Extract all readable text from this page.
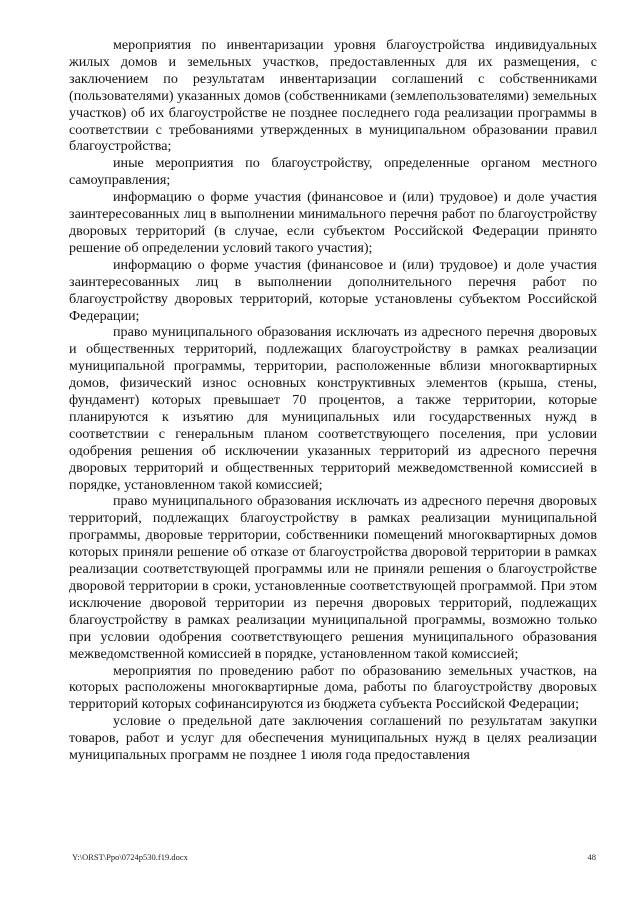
мероприятия по инвентаризации уровня благоустройства индивидуальных жилых домов и земельных участков, предоставленных для их размещения, с заключением по результатам инвентаризации соглашений с собственниками (пользователями) указанных домов (собственниками (землепользователями) земельных участков) об их благоустройстве не позднее последнего года реализации программы в соответствии с требованиями утвержденных в муниципальном образовании правил благоустройства;

иные мероприятия по благоустройству, определенные органом местного самоуправления;

информацию о форме участия (финансовое и (или) трудовое) и доле участия заинтересованных лиц в выполнении минимального перечня работ по благоустройству дворовых территорий (в случае, если субъектом Российской Федерации принято решение об определении условий такого участия);

информацию о форме участия (финансовое и (или) трудовое) и доле участия заинтересованных лиц в выполнении дополнительного перечня работ по благоустройству дворовых территорий, которые установлены субъектом Российской Федерации;

право муниципального образования исключать из адресного перечня дворовых и общественных территорий, подлежащих благоустройству в рамках реализации муниципальной программы, территории, расположенные вблизи многоквартирных домов, физический износ основных конструктивных элементов (крыша, стены, фундамент) которых превышает 70 процентов, а также территории, которые планируются к изъятию для муниципальных или государственных нужд в соответствии с генеральным планом соответствующего поселения, при условии одобрения решения об исключении указанных территорий из адресного перечня дворовых территорий и общественных территорий межведомственной комиссией в порядке, установленном такой комиссией;

право муниципального образования исключать из адресного перечня дворовых территорий, подлежащих благоустройству в рамках реализации муниципальной программы, дворовые территории, собственники помещений многоквартирных домов которых приняли решение об отказе от благоустройства дворовой территории в рамках реализации соответствующей программы или не приняли решения о благоустройстве дворовой территории в сроки, установленные соответствующей программой. При этом исключение дворовой территории из перечня дворовых территорий, подлежащих благоустройству в рамках реализации муниципальной программы, возможно только при условии одобрения соответствующего решения муниципального образования межведомственной комиссией в порядке, установленном такой комиссией;

мероприятия по проведению работ по образованию земельных участков, на которых расположены многоквартирные дома, работы по благоустройству дворовых территорий которых софинансируются из бюджета субъекта Российской Федерации;

условие о предельной дате заключения соглашений по результатам закупки товаров, работ и услуг для обеспечения муниципальных нужд в целях реализации муниципальных программ не позднее 1 июля года предоставления

Y:\ORST\Ppo\0724p530.f19.docx	48
